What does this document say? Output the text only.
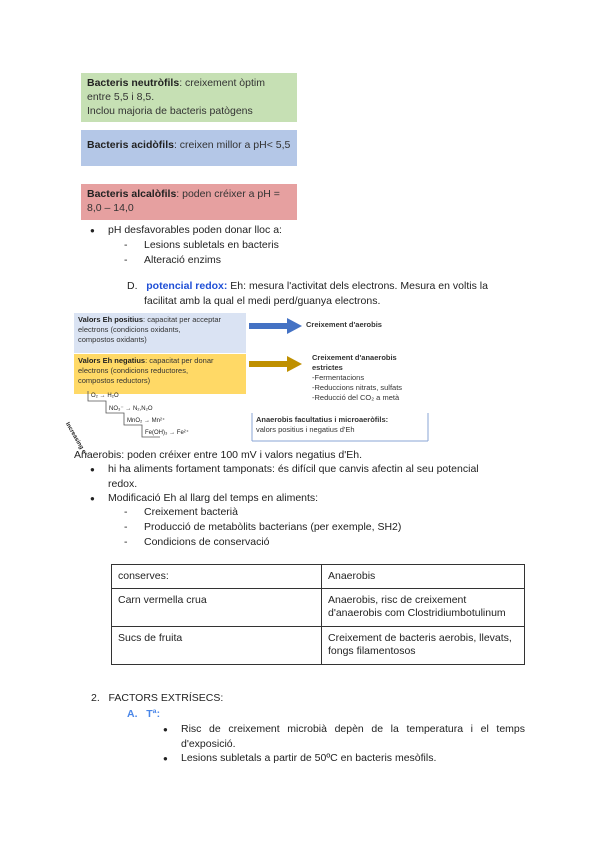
Bacteris neutròfils: creixement òptim
entre 5,5 i 8,5.
Inclou majoria de bacteris patògens
Bacteris acidòfils: creixen millor a pH< 5,5
Bacteris alcalòfils: poden créixer a pH =
8,0 – 14,0
● pH desfavorables poden donar lloc a:
- Lesions subletals en bacteris
- Alteració enzims
D. potencial redox: Eh: mesura l'activitat dels electrons. Mesura en voltis la
facilitat amb la qual el medi perd/guanya electrons.
Valors Eh positius: capacitat per acceptar
electrons (condicions oxidants,
compostos oxidants)
Valors Eh negatius: capacitat per donar
electrons (condicions reductores,
compostos reductors)
Creixement d'aerobis
Creixement d'anaerobis
estrictes
-Fermentacions
-Reduccions nitrats, sulfats
-Reducció del CO₂ a metà
Anaerobis facultatius i microaeròfils:
valors positius i negatius d'Eh
O₂ → H₂O
NO₃⁻ → N₂,N₂O
MnO₂ → Mn²⁺
Fe(OH)₃ → Fe²⁺
Increasing e⁻
Anaerobis: poden créixer entre 100 mV i valors negatius d'Eh.
● hi ha aliments fortament tamponats: és difícil que canvis afectin al seu potencial
redox.
● Modificació Eh al llarg del temps en aliments:
- Creixement bacterià
- Producció de metabòlits bacterians (per exemple, SH2)
- Condicions de conservació
conserves:	Anaerobis
Carn vermella crua	Anaerobis, risc de creixement d'anaerobis com Clostridiumbotulinum
Sucs de fruita	Creixement de bacteris aerobis, llevats, fongs filamentosos
2. FACTORS EXTRÍSECS:
A. Tª:
● Risc de creixement microbià depèn de la temperatura i el temps
d'exposició.
● Lesions subletals a partir de 50ºC en bacteris mesòfils.
